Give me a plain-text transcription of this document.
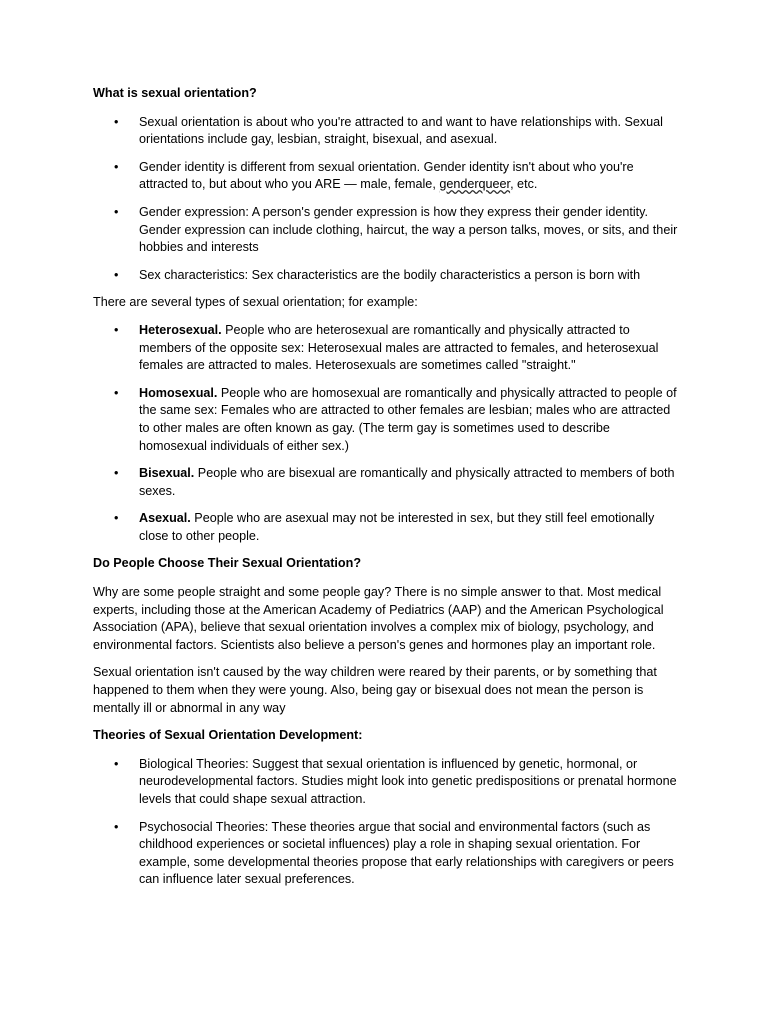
What is sexual orientation?

• Sexual orientation is about who you're attracted to and want to have relationships with. Sexual orientations include gay, lesbian, straight, bisexual, and asexual.
• Gender identity is different from sexual orientation. Gender identity isn't about who you're attracted to, but about who you ARE — male, female, genderqueer, etc.
• Gender expression: A person's gender expression is how they express their gender identity. Gender expression can include clothing, haircut, the way a person talks, moves, or sits, and their hobbies and interests
• Sex characteristics: Sex characteristics are the bodily characteristics a person is born with

There are several types of sexual orientation; for example:

• Heterosexual. People who are heterosexual are romantically and physically attracted to members of the opposite sex: Heterosexual males are attracted to females, and heterosexual females are attracted to males. Heterosexuals are sometimes called "straight."
• Homosexual. People who are homosexual are romantically and physically attracted to people of the same sex: Females who are attracted to other females are lesbian; males who are attracted to other males are often known as gay. (The term gay is sometimes used to describe homosexual individuals of either sex.)
• Bisexual. People who are bisexual are romantically and physically attracted to members of both sexes.
• Asexual. People who are asexual may not be interested in sex, but they still feel emotionally close to other people.

Do People Choose Their Sexual Orientation?

Why are some people straight and some people gay? There is no simple answer to that. Most medical experts, including those at the American Academy of Pediatrics (AAP) and the American Psychological Association (APA), believe that sexual orientation involves a complex mix of biology, psychology, and environmental factors. Scientists also believe a person's genes and hormones play an important role.

Sexual orientation isn't caused by the way children were reared by their parents, or by something that happened to them when they were young. Also, being gay or bisexual does not mean the person is mentally ill or abnormal in any way

Theories of Sexual Orientation Development:

• Biological Theories: Suggest that sexual orientation is influenced by genetic, hormonal, or neurodevelopmental factors. Studies might look into genetic predispositions or prenatal hormone levels that could shape sexual attraction.
• Psychosocial Theories: These theories argue that social and environmental factors (such as childhood experiences or societal influences) play a role in shaping sexual orientation. For example, some developmental theories propose that early relationships with caregivers or peers can influence later sexual preferences.
